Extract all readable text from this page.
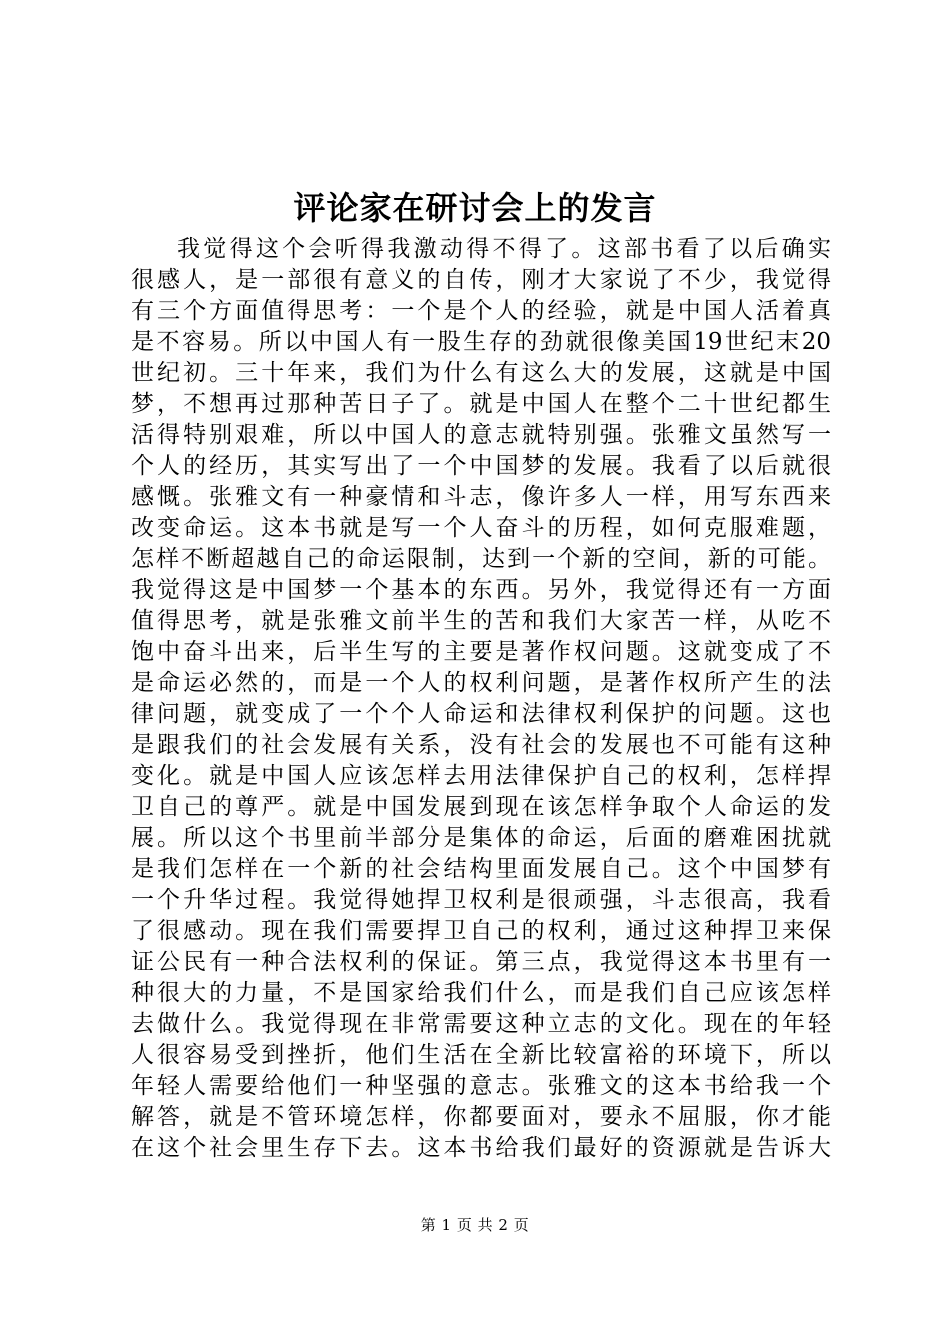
评论家在研讨会上的发言

我觉得这个会听得我激动得不得了。这部书看了以后确实

很感人，是一部很有意义的自传，刚才大家说了不少，我觉得

有三个方面值得思考：一个是个人的经验，就是中国人活着真

是不容易。所以中国人有一股生存的劲就很像美国19世纪末20

世纪初。三十年来，我们为什么有这么大的发展，这就是中国

梦，不想再过那种苦日子了。就是中国人在整个二十世纪都生

活得特别艰难，所以中国人的意志就特别强。张雅文虽然写一

个人的经历，其实写出了一个中国梦的发展。我看了以后就很

感慨。张雅文有一种豪情和斗志，像许多人一样，用写东西来

改变命运。这本书就是写一个人奋斗的历程，如何克服难题，

怎样不断超越自己的命运限制，达到一个新的空间，新的可能。

我觉得这是中国梦一个基本的东西。另外，我觉得还有一方面

值得思考，就是张雅文前半生的苦和我们大家苦一样，从吃不

饱中奋斗出来，后半生写的主要是著作权问题。这就变成了不

是命运必然的，而是一个人的权利问题，是著作权所产生的法

律问题，就变成了一个个人命运和法律权利保护的问题。这也

是跟我们的社会发展有关系，没有社会的发展也不可能有这种

变化。就是中国人应该怎样去用法律保护自己的权利，怎样捍

卫自己的尊严。就是中国发展到现在该怎样争取个人命运的发

展。所以这个书里前半部分是集体的命运，后面的磨难困扰就

是我们怎样在一个新的社会结构里面发展自己。这个中国梦有

一个升华过程。我觉得她捍卫权利是很顽强，斗志很高，我看

了很感动。现在我们需要捍卫自己的权利，通过这种捍卫来保

证公民有一种合法权利的保证。第三点，我觉得这本书里有一

种很大的力量，不是国家给我们什么，而是我们自己应该怎样

去做什么。我觉得现在非常需要这种立志的文化。现在的年轻

人很容易受到挫折，他们生活在全新比较富裕的环境下，所以

年轻人需要给他们一种坚强的意志。张雅文的这本书给我一个

解答，就是不管环境怎样，你都要面对，要永不屈服，你才能

在这个社会里生存下去。这本书给我们最好的资源就是告诉大

第 1 页 共 2 页
